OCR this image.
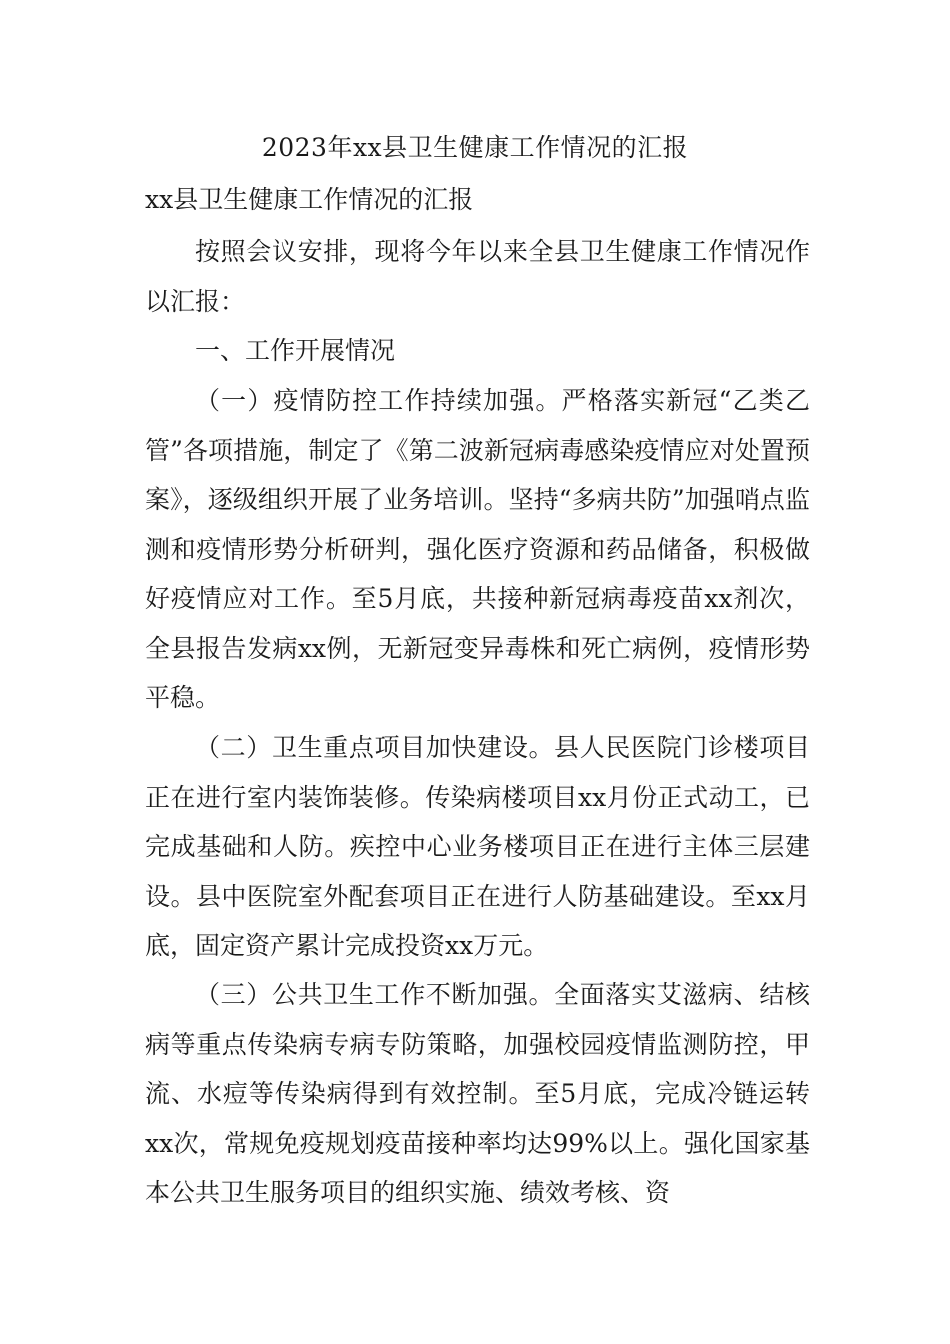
2023年xx县卫生健康工作情况的汇报
xx县卫生健康工作情况的汇报

按照会议安排，现将今年以来全县卫生健康工作情况作以汇报：

一、工作开展情况

（一）疫情防控工作持续加强。严格落实新冠“乙类乙管”各项措施，制定了《第二波新冠病毒感染疫情应对处置预案》，逐级组织开展了业务培训。坚持“多病共防”加强哨点监测和疫情形势分析研判，强化医疗资源和药品储备，积极做好疫情应对工作。至5月底，共接种新冠病毒疫苗xx剂次，全县报告发病xx例，无新冠变异毒株和死亡病例，疫情形势平稳。

（二）卫生重点项目加快建设。县人民医院门诊楼项目正在进行室内装饰装修。传染病楼项目xx月份正式动工，已完成基础和人防。疾控中心业务楼项目正在进行主体三层建设。县中医院室外配套项目正在进行人防基础建设。至xx月底，固定资产累计完成投资xx万元。

（三）公共卫生工作不断加强。全面落实艾滋病、结核病等重点传染病专病专防策略，加强校园疫情监测防控，甲流、水痘等传染病得到有效控制。至5月底，完成冷链运转xx次，常规免疫规划疫苗接种率均达99%以上。强化国家基本公共卫生服务项目的组织实施、绩效考核、资
